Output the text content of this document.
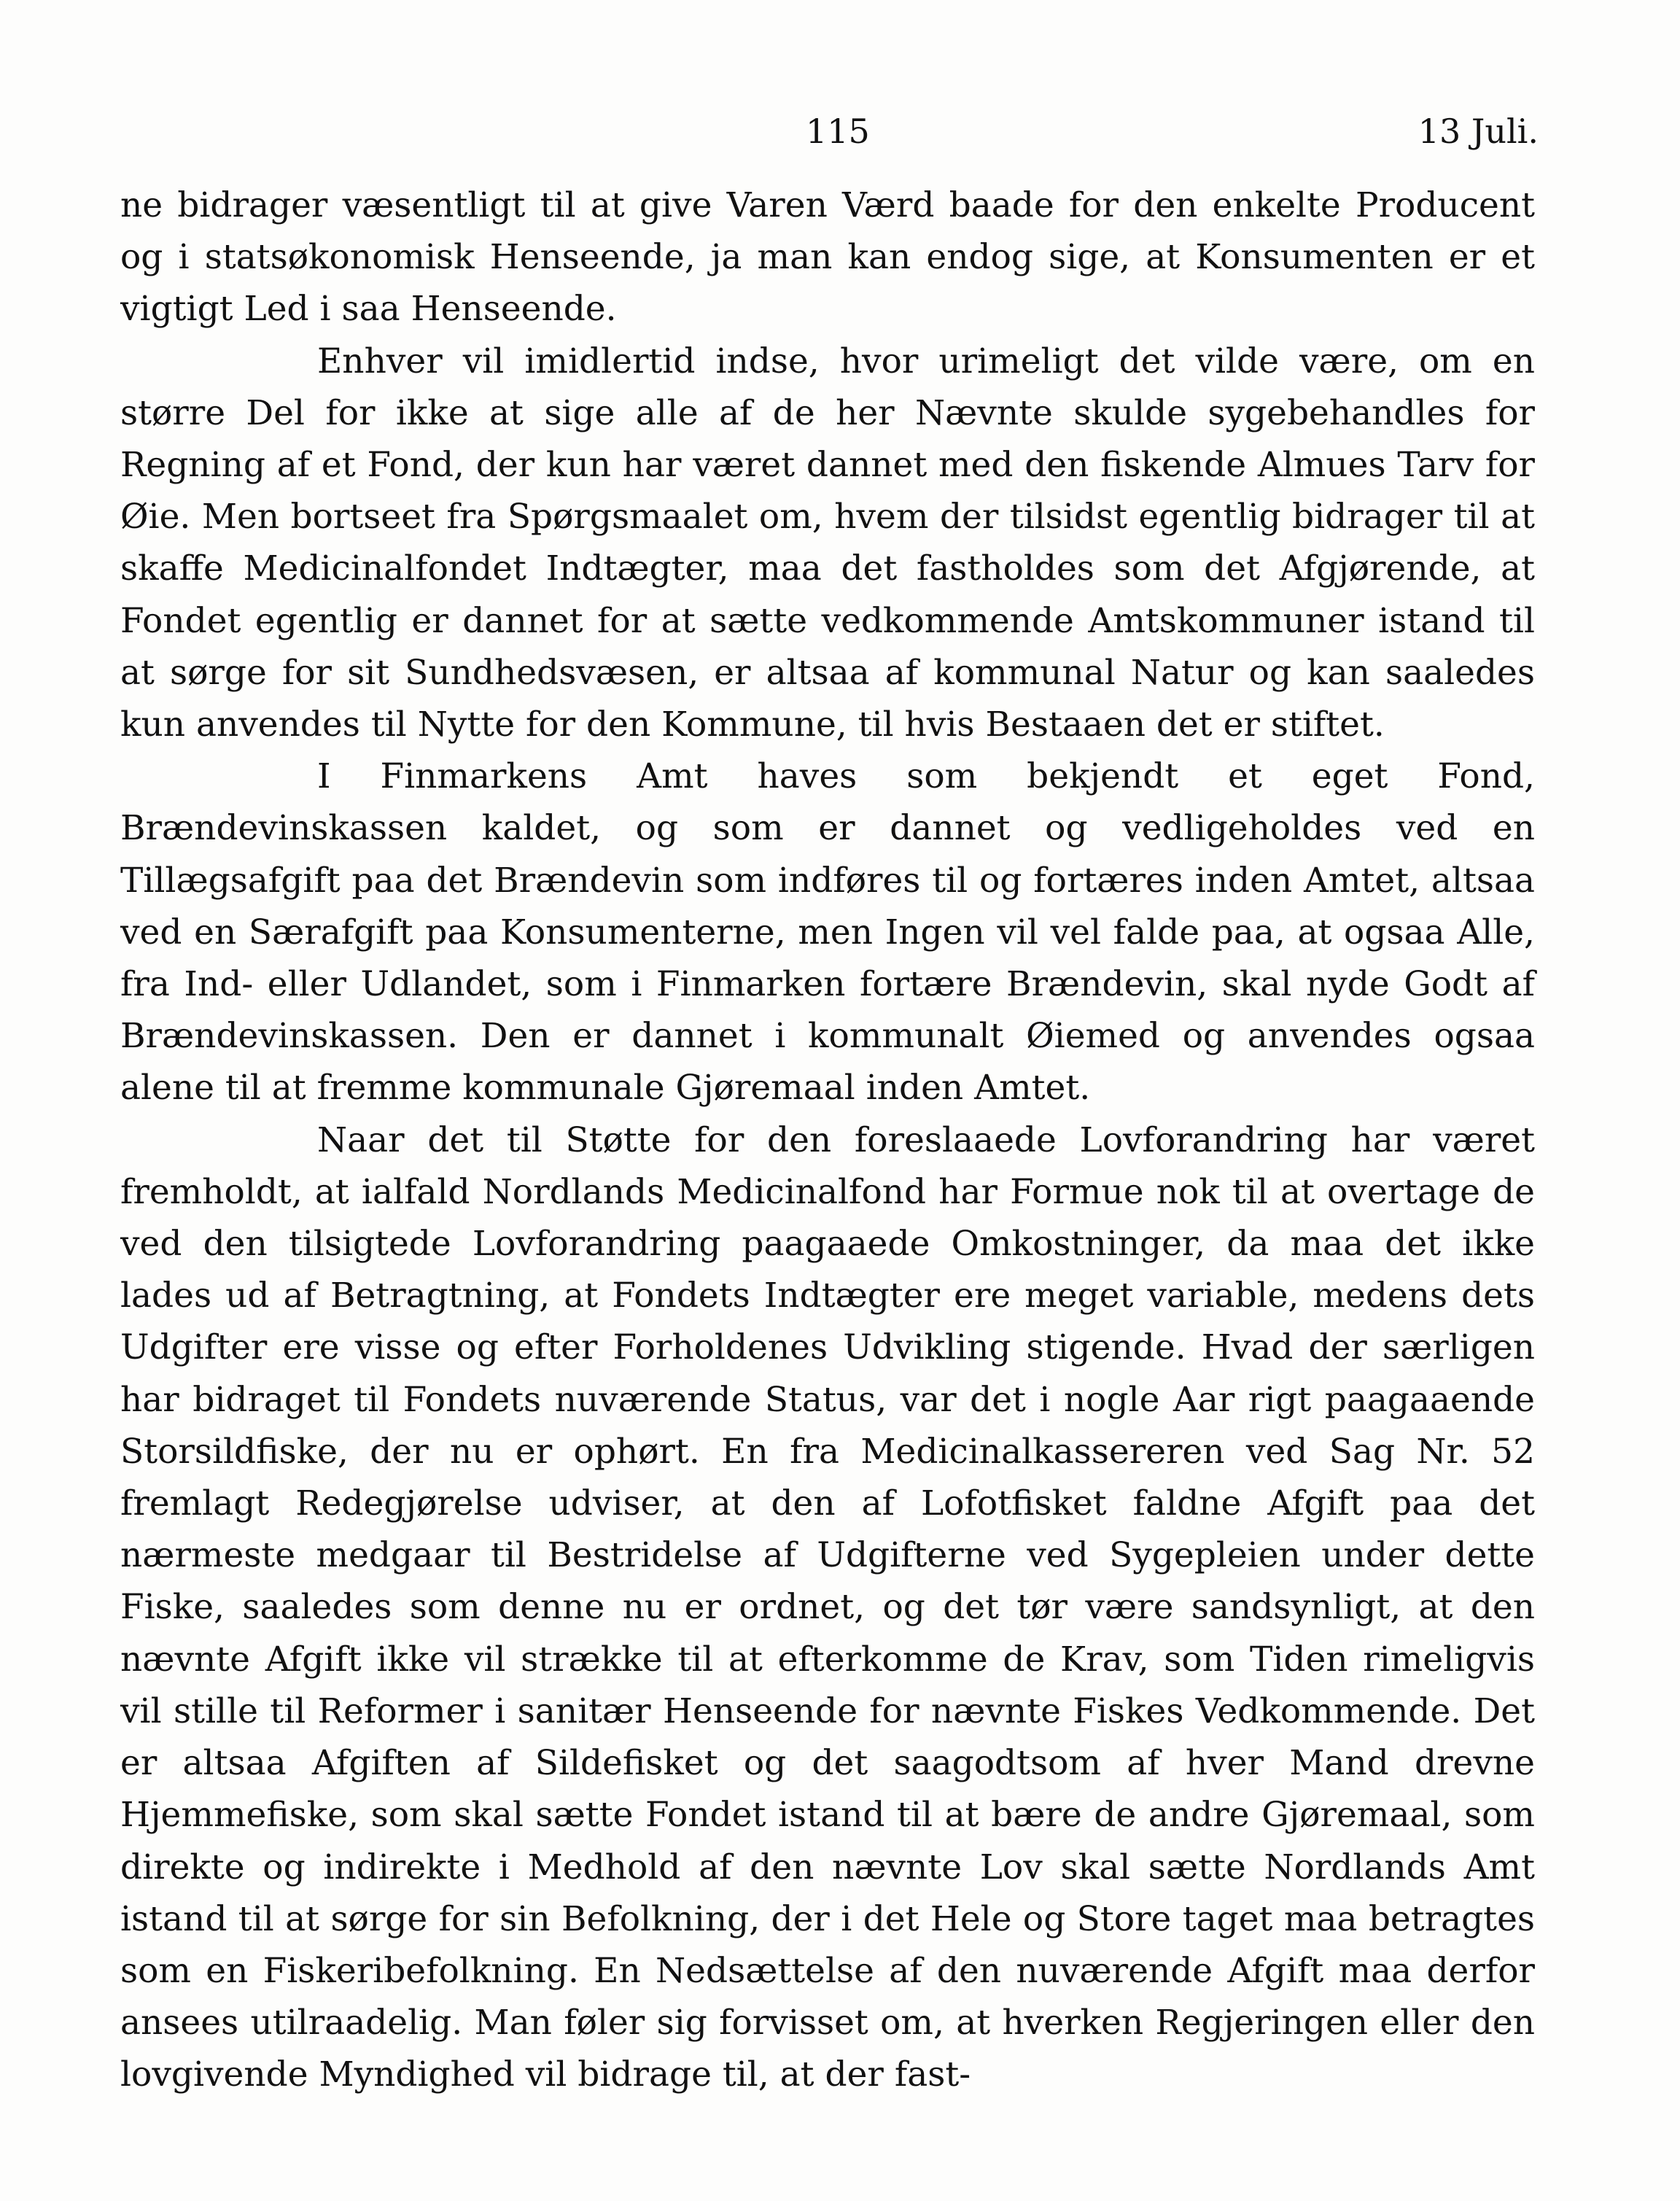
115	13 Juli.

ne bidrager væsentligt til at give Varen Værd baade for den enkelte Producent og i statsøkonomisk Henseende, ja man kan endog sige, at Konsumenten er et vigtigt Led i saa Henseende.

Enhver vil imidlertid indse, hvor urimeligt det vilde være, om en større Del for ikke at sige alle af de her Nævnte skulde sygebehandles for Regning af et Fond, der kun har været dannet med den fiskende Almues Tarv for Øie. Men bortseet fra Spørgsmaalet om, hvem der tilsidst egentlig bidrager til at skaffe Medicinalfondet Indtægter, maa det fastholdes som det Afgjørende, at Fondet egentlig er dannet for at sætte vedkommende Amtskommuner istand til at sørge for sit Sundhedsvæsen, er altsaa af kommunal Natur og kan saaledes kun anvendes til Nytte for den Kommune, til hvis Bestaaen det er stiftet.

I Finmarkens Amt haves som bekjendt et eget Fond, Brændevinskassen kaldet, og som er dannet og vedligeholdes ved en Tillægsafgift paa det Brændevin som indføres til og fortæres inden Amtet, altsaa ved en Særafgift paa Konsumenterne, men Ingen vil vel falde paa, at ogsaa Alle, fra Ind- eller Udlandet, som i Finmarken fortære Brændevin, skal nyde Godt af Brændevinskassen. Den er dannet i kommunalt Øiemed og anvendes ogsaa alene til at fremme kommunale Gjøremaal inden Amtet.

Naar det til Støtte for den foreslaaede Lovforandring har været fremholdt, at ialfald Nordlands Medicinalfond har Formue nok til at overtage de ved den tilsigtede Lovforandring paagaaede Omkostninger, da maa det ikke lades ud af Betragtning, at Fondets Indtægter ere meget variable, medens dets Udgifter ere visse og efter Forholdenes Udvikling stigende. Hvad der særligen har bidraget til Fondets nuværende Status, var det i nogle Aar rigt paagaaende Storsildfiske, der nu er ophørt. En fra Medicinalkassereren ved Sag Nr. 52 fremlagt Redegjørelse udviser, at den af Lofotfisket faldne Afgift paa det nærmeste medgaar til Bestridelse af Udgifterne ved Sygepleien under dette Fiske, saaledes som denne nu er ordnet, og det tør være sandsynligt, at den nævnte Afgift ikke vil strække til at efterkomme de Krav, som Tiden rimeligvis vil stille til Reformer i sanitær Henseende for nævnte Fiskes Vedkommende. Det er altsaa Afgiften af Sildefisket og det saagodtsom af hver Mand drevne Hjemmefiske, som skal sætte Fondet istand til at bære de andre Gjøremaal, som direkte og indirekte i Medhold af den nævnte Lov skal sætte Nordlands Amt istand til at sørge for sin Befolkning, der i det Hele og Store taget maa betragtes som en Fiskeribefolkning. En Nedsættelse af den nuværende Afgift maa derfor ansees utilraadelig. Man føler sig forvisset om, at hverken Regjeringen eller den lovgivende Myndighed vil bidrage til, at der fast-
